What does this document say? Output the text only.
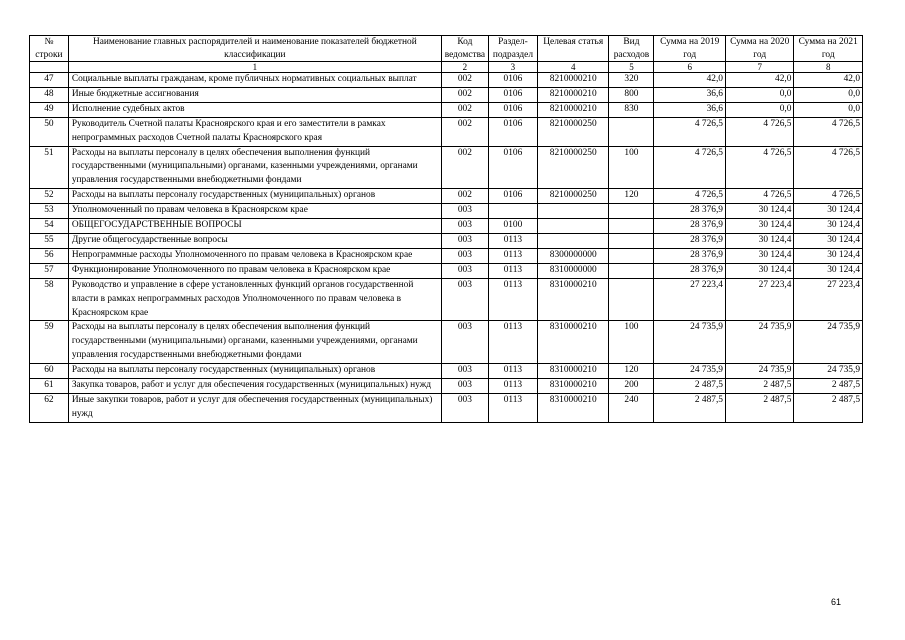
№ строки	Наименование главных распорядителей и наименование показателей бюджетной классификации	Код ведомства	Раздел- подраздел	Целевая статья	Вид расходов	Сумма на 2019 год	Сумма на 2020 год	Сумма на 2021 год
	1	2	3	4	5	6	7	8
47	Социальные выплаты гражданам, кроме публичных нормативных социальных выплат	002	0106	8210000210	320	42,0	42,0	42,0
48	Иные бюджетные ассигнования	002	0106	8210000210	800	36,6	0,0	0,0
49	Исполнение судебных актов	002	0106	8210000210	830	36,6	0,0	0,0
50	Руководитель Счетной палаты Красноярского края и его заместители в рамках непрограммных расходов Счетной палаты Красноярского края	002	0106	8210000250		4 726,5	4 726,5	4 726,5
51	Расходы на выплаты персоналу в целях обеспечения выполнения функций государственными (муниципальными) органами, казенными учреждениями, органами управления государственными внебюджетными фондами	002	0106	8210000250	100	4 726,5	4 726,5	4 726,5
52	Расходы на выплаты персоналу государственных (муниципальных) органов	002	0106	8210000250	120	4 726,5	4 726,5	4 726,5
53	Уполномоченный по правам человека в Красноярском крае	003				28 376,9	30 124,4	30 124,4
54	ОБЩЕГОСУДАРСТВЕННЫЕ ВОПРОСЫ	003	0100			28 376,9	30 124,4	30 124,4
55	Другие общегосударственные вопросы	003	0113			28 376,9	30 124,4	30 124,4
56	Непрограммные расходы Уполномоченного по правам человека в Красноярском крае	003	0113	8300000000		28 376,9	30 124,4	30 124,4
57	Функционирование Уполномоченного по правам человека в Красноярском крае	003	0113	8310000000		28 376,9	30 124,4	30 124,4
58	Руководство и управление в сфере установленных функций органов государственной власти в рамках непрограммных расходов Уполномоченного по правам человека в Красноярском крае	003	0113	8310000210		27 223,4	27 223,4	27 223,4
59	Расходы на выплаты персоналу в целях обеспечения выполнения функций государственными (муниципальными) органами, казенными учреждениями, органами управления государственными внебюджетными фондами	003	0113	8310000210	100	24 735,9	24 735,9	24 735,9
60	Расходы на выплаты персоналу государственных (муниципальных) органов	003	0113	8310000210	120	24 735,9	24 735,9	24 735,9
61	Закупка товаров, работ и услуг для обеспечения государственных (муниципальных) нужд	003	0113	8310000210	200	2 487,5	2 487,5	2 487,5
62	Иные закупки товаров, работ и услуг для обеспечения государственных (муниципальных) нужд	003	0113	8310000210	240	2 487,5	2 487,5	2 487,5
61
